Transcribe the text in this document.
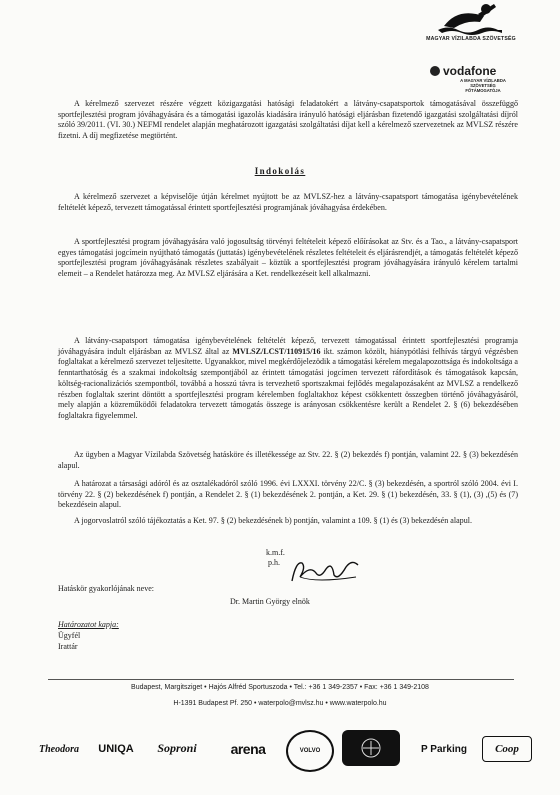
MAGYAR VÍZILABDA SZÖVETSÉG
vodafone
A MAGYAR VÍZILABDA SZÖVETSÉG FŐTÁMOGATÓJA

A kérelmező szervezet részére végzett közigazgatási hatósági feladatokért a látvány-csapatsportok támogatásával összefüggő sportfejlesztési program jóváhagyására és a támogatási igazolás kiadására irányuló hatósági eljárásban fizetendő igazgatási szolgáltatási díjról szóló 39/2011. (VI. 30.) NEFMI rendelet alapján meghatározott igazgatási szolgáltatási díjat kell a kérelmező szervezetnek az MVLSZ részére fizetni. A díj megfizetése megtörtént.

Indokolás

A kérelmező szervezet a képviselője útján kérelmet nyújtott be az MVLSZ-hez a látvány-csapatsport támogatása igénybevételének feltételét képező, tervezett támogatással érintett sportfejlesztési programjának jóváhagyása érdekében.

A sportfejlesztési program jóváhagyására való jogosultság törvényi feltételeit képező előírásokat az Stv. és a Tao., a látvány-csapatsport egyes támogatási jogcímein nyújtható támogatás (juttatás) igénybevételének részletes feltételeit és eljárásrendjét, a támogatás feltételét képező sportfejlesztési program jóváhagyásának részletes szabályait – köztük a sportfejlesztési program jóváhagyására irányuló kérelem tartalmi elemeit – a Rendelet határozza meg. Az MVLSZ eljárására a Ket. rendelkezéseit kell alkalmazni.

A látvány-csapatsport támogatása igénybevételének feltételét képező, tervezett támogatással érintett sportfejlesztési programja jóváhagyására indult eljárásban az MVLSZ által az MVLSZ/LCST/110915/16 ikt. számon közölt, hiánypótlási felhívás tárgyú végzésben foglaltakat a kérelmező szervezet teljesítette. Ugyanakkor, mivel megkérdőjelezödik a támogatási kérelem megalapozottsága és indokoltsága a fenntarthatóság és a szakmai indokoltság szempontjából az érintett támogatási jogcímen tervezett ráfordítások és támogatások kapcsán, költség-racionalizációs szempontból, továbbá a hosszú távra is tervezhető sportszakmai fejlődés megalapozásaként az MVLSZ a rendelkező részben foglaltak szerint döntött a sportfejlesztési program kérelemben foglaltakhoz képest csökkentett összegben történő jóváhagyásáról, mely alapján a közreműködői feladatokra tervezett támogatás összege is arányosan csökkentésre került a Rendelet 2. § (6) bekezdésében foglaltakra figyelemmel.

Az ügyben a Magyar Vízilabda Szövetség hatásköre és illetékessége az Stv. 22. § (2) bekezdés f) pontján, valamint 22. § (3) bekezdésén alapul.

A határozat a társasági adóról és az osztalékadóról szóló 1996. évi LXXXI. törvény 22/C. § (3) bekezdésén, a sportról szóló 2004. évi I. törvény 22. § (2) bekezdésének f) pontján, a Rendelet 2. § (1) bekezdésének 2. pontján, a Ket. 29. § (1) bekezdésén, 33. § (1), (3) ,(5) és (7) bekezdésein alapul.

A jogorvoslatról szóló tájékoztatás a Ket. 97. § (2) bekezdésének b) pontján, valamint a 109. § (1) és (3) bekezdésén alapul.

k.m.f.
p.h.
Hatáskör gyakorlójának neve:
Dr. Martin György elnök
Határozatot kapja:
Ügyfél
Irattár
Budapest, Margitsziget • Hajós Alfréd Sportuszoda • Tel.: +36 1 349-2357 • Fax: +36 1 349-2108
H-1391 Budapest Pf. 250 • waterpolo@mvlsz.hu • www.waterpolo.hu
Theodora	UNIQA	Soproni	arena	VOLVO	P Parking	Coop
